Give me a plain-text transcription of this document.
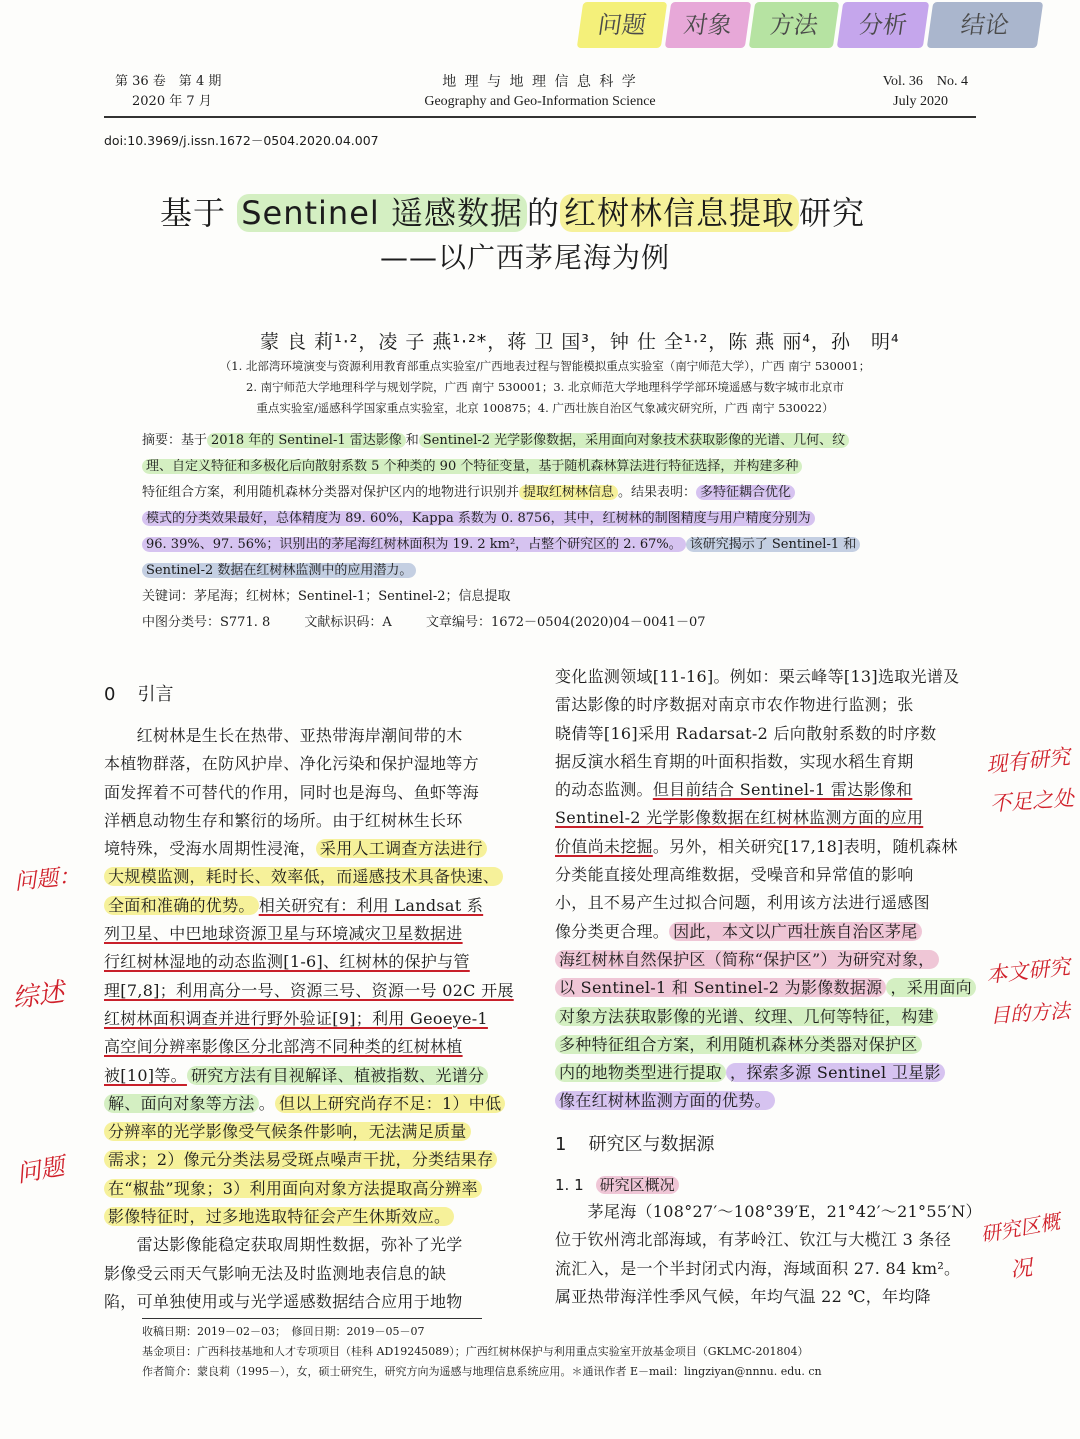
问题	对象	方法	分析	结论
第 36 卷　第 4 期
2020 年 7 月
地 理 与 地 理 信 息 科 学
Geography and Geo-Information Science
Vol. 36　No. 4
July 2020
doi:10.3969/j.issn.1672－0504.2020.04.007
基于 Sentinel 遥感数据 的 红树林信息提取 研究
——以广西茅尾海为例
蒙 良 莉¹·²，凌 子 燕¹·²*，蒋 卫 国³，钟 仕 全¹·²，陈 燕 丽⁴，孙　明⁴
（1. 北部湾环境演变与资源利用教育部重点实验室/广西地表过程与智能模拟重点实验室（南宁师范大学），广西 南宁 530001；
2. 南宁师范大学地理科学与规划学院，广西 南宁 530001；3. 北京师范大学地理科学学部环境遥感与数字城市北京市
重点实验室/遥感科学国家重点实验室，北京 100875；4. 广西壮族自治区气象减灾研究所，广西 南宁 530022）
摘要：基于 2018 年的 Sentinel-1 雷达影像 和 Sentinel-2 光学影像数据，采用面向对象技术获取影像的光谱、几何、纹
理、自定义特征和多极化后向散射系数 5 个种类的 90 个特征变量，基于随机森林算法进行特征选择，并构建多种
特征组合方案，利用随机森林分类器对保护区内的地物进行识别并 提取红树林信息 。结果表明： 多特征耦合优化
模式的分类效果最好，总体精度为 89. 60%，Kappa 系数为 0. 8756，其中，红树林的制图精度与用户精度分别为
96. 39%、97. 56%；识别出的茅尾海红树林面积为 19. 2 km²，占整个研究区的 2. 67%。 该研究揭示了 Sentinel-1 和
Sentinel-2 数据在红树林监测中的应用潜力。
关键词：茅尾海；红树林；Sentinel-1；Sentinel-2；信息提取
中图分类号：S771. 8	文献标识码：A	文章编号：1672－0504(2020)04－0041－07
0 引言
　　红树林是生长在热带、亚热带海岸潮间带的木
本植物群落，在防风护岸、净化污染和保护湿地等方
面发挥着不可替代的作用，同时也是海鸟、鱼虾等海
洋栖息动物生存和繁衍的场所。由于红树林生长环
境特殊，受海水周期性浸淹， 采用人工调查方法进行
大规模监测，耗时长、效率低，而遥感技术具备快速、
全面和准确的优势。 相关研究有：利用 Landsat 系
列卫星、中巴地球资源卫星与环境减灾卫星数据进
行红树林湿地的动态监测[1-6]、红树林的保护与管
理[7,8]；利用高分一号、资源三号、资源一号 02C 开展
红树林面积调查并进行野外验证[9]；利用 Geoeye-1
高空间分辨率影像区分北部湾不同种类的红树林植
被[10]等。 研究方法有目视解译、植被指数、光谱分
解、面向对象等方法 。 但以上研究尚存不足：1）中低
分辨率的光学影像受气候条件影响，无法满足质量
需求；2）像元分类法易受斑点噪声干扰，分类结果存
在“椒盐”现象；3）利用面向对象方法提取高分辨率
影像特征时，过多地选取特征会产生休斯效应。
　　雷达影像能稳定获取周期性数据，弥补了光学
影像受云雨天气影响无法及时监测地表信息的缺
陷，可单独使用或与光学遥感数据结合应用于地物
变化监测领域[11-16]。例如：栗云峰等[13]选取光谱及
雷达影像的时序数据对南京市农作物进行监测；张
晓倩等[16]采用 Radarsat-2 后向散射系数的时序数
据反演水稻生育期的叶面积指数，实现水稻生育期
的动态监测。但目前结合 Sentinel-1 雷达影像和
Sentinel-2 光学影像数据在红树林监测方面的应用
价值尚未挖掘。另外，相关研究[17,18]表明，随机森林
分类能直接处理高维数据，受噪音和异常值的影响
小，且不易产生过拟合问题，利用该方法进行遥感图
像分类更合理。 因此，本文以广西壮族自治区茅尾
海红树林自然保护区（简称“保护区”）为研究对象，
以 Sentinel-1 和 Sentinel-2 为影像数据源 ，采用面向
对象方法获取影像的光谱、纹理、几何等特征，构建
多种特征组合方案，利用随机森林分类器对保护区
内的地物类型进行提取 ，探索多源 Sentinel 卫星影
像在红树林监测方面的优势。
1 研究区与数据源
1. 1 研究区概况
　　茅尾海（108°27′～108°39′E，21°42′～21°55′N）
位于钦州湾北部海域，有茅岭江、钦江与大榄江 3 条径
流汇入，是一个半封闭式内海，海域面积 27. 84 km²。
属亚热带海洋性季风气候，年均气温 22 ℃，年均降
收稿日期：2019－02－03；　修回日期：2019－05－07
基金项目：广西科技基地和人才专项项目（桂科 AD19245089）；广西红树林保护与利用重点实验室开放基金项目（GKLMC-201804）
作者简介：蒙良莉（1995－），女，硕士研究生，研究方向为遥感与地理信息系统应用。＊通讯作者 E－mail：lingziyan@nnnu. edu. cn
问题：
综述
问题
现有研究
不足之处
本文研究
目的方法
研究区概
况
